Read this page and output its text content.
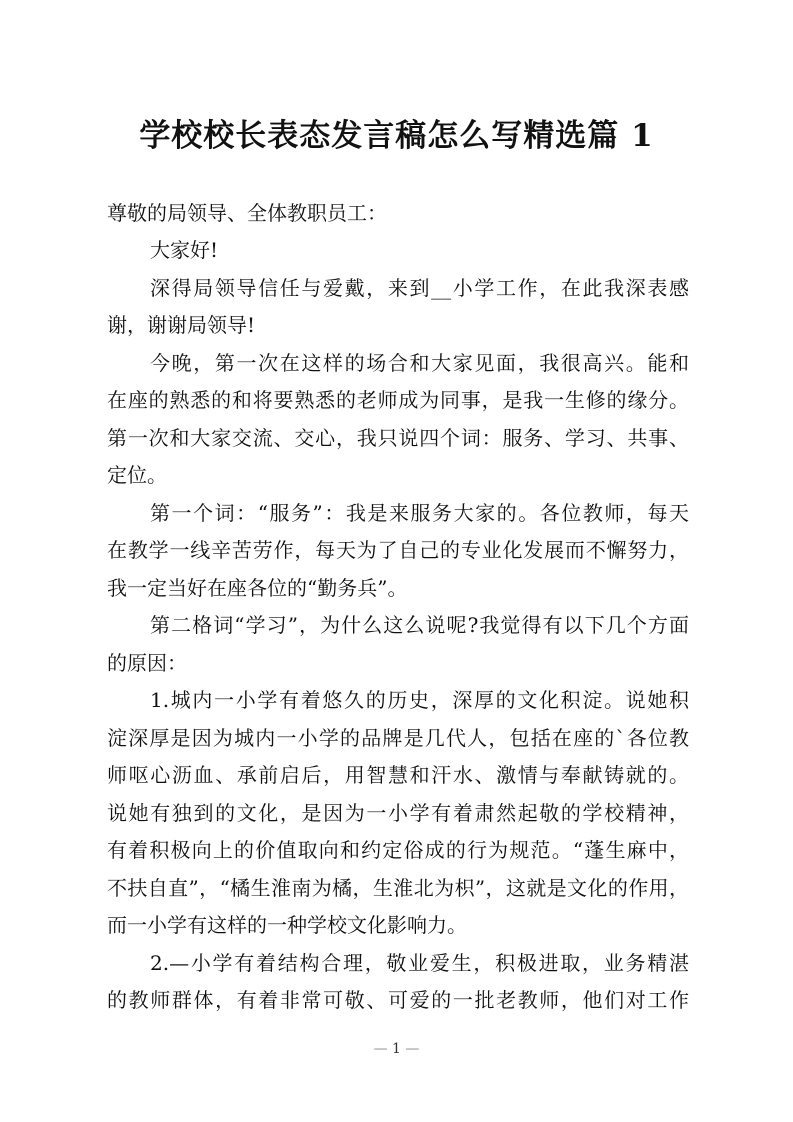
学校校长表态发言稿怎么写精选篇 1
尊敬的局领导、全体教职员工：
大家好!
深得局领导信任与爱戴，来到__小学工作，在此我深表感
谢，谢谢局领导!
今晚，第一次在这样的场合和大家见面，我很高兴。能和
在座的熟悉的和将要熟悉的老师成为同事，是我一生修的缘分。
第一次和大家交流、交心，我只说四个词：服务、学习、共事、
定位。
第一个词：“服务”：我是来服务大家的。各位教师，每天
在教学一线辛苦劳作，每天为了自己的专业化发展而不懈努力，
我一定当好在座各位的“勤务兵”。
第二格词“学习”，为什么这么说呢?我觉得有以下几个方面
的原因：
1.城内一小学有着悠久的历史，深厚的文化积淀。说她积
淀深厚是因为城内一小学的品牌是几代人，包括在座的`各位教
师呕心沥血、承前启后，用智慧和汗水、激情与奉献铸就的。
说她有独到的文化，是因为一小学有着肃然起敬的学校精神，
有着积极向上的价值取向和约定俗成的行为规范。“蓬生麻中，
不扶自直”，“橘生淮南为橘，生淮北为枳”，这就是文化的作用，
而一小学有这样的一种学校文化影响力。
2.—小学有着结构合理，敬业爱生，积极进取，业务精湛
的教师群体，有着非常可敬、可爱的一批老教师，他们对工作
— 1 —
